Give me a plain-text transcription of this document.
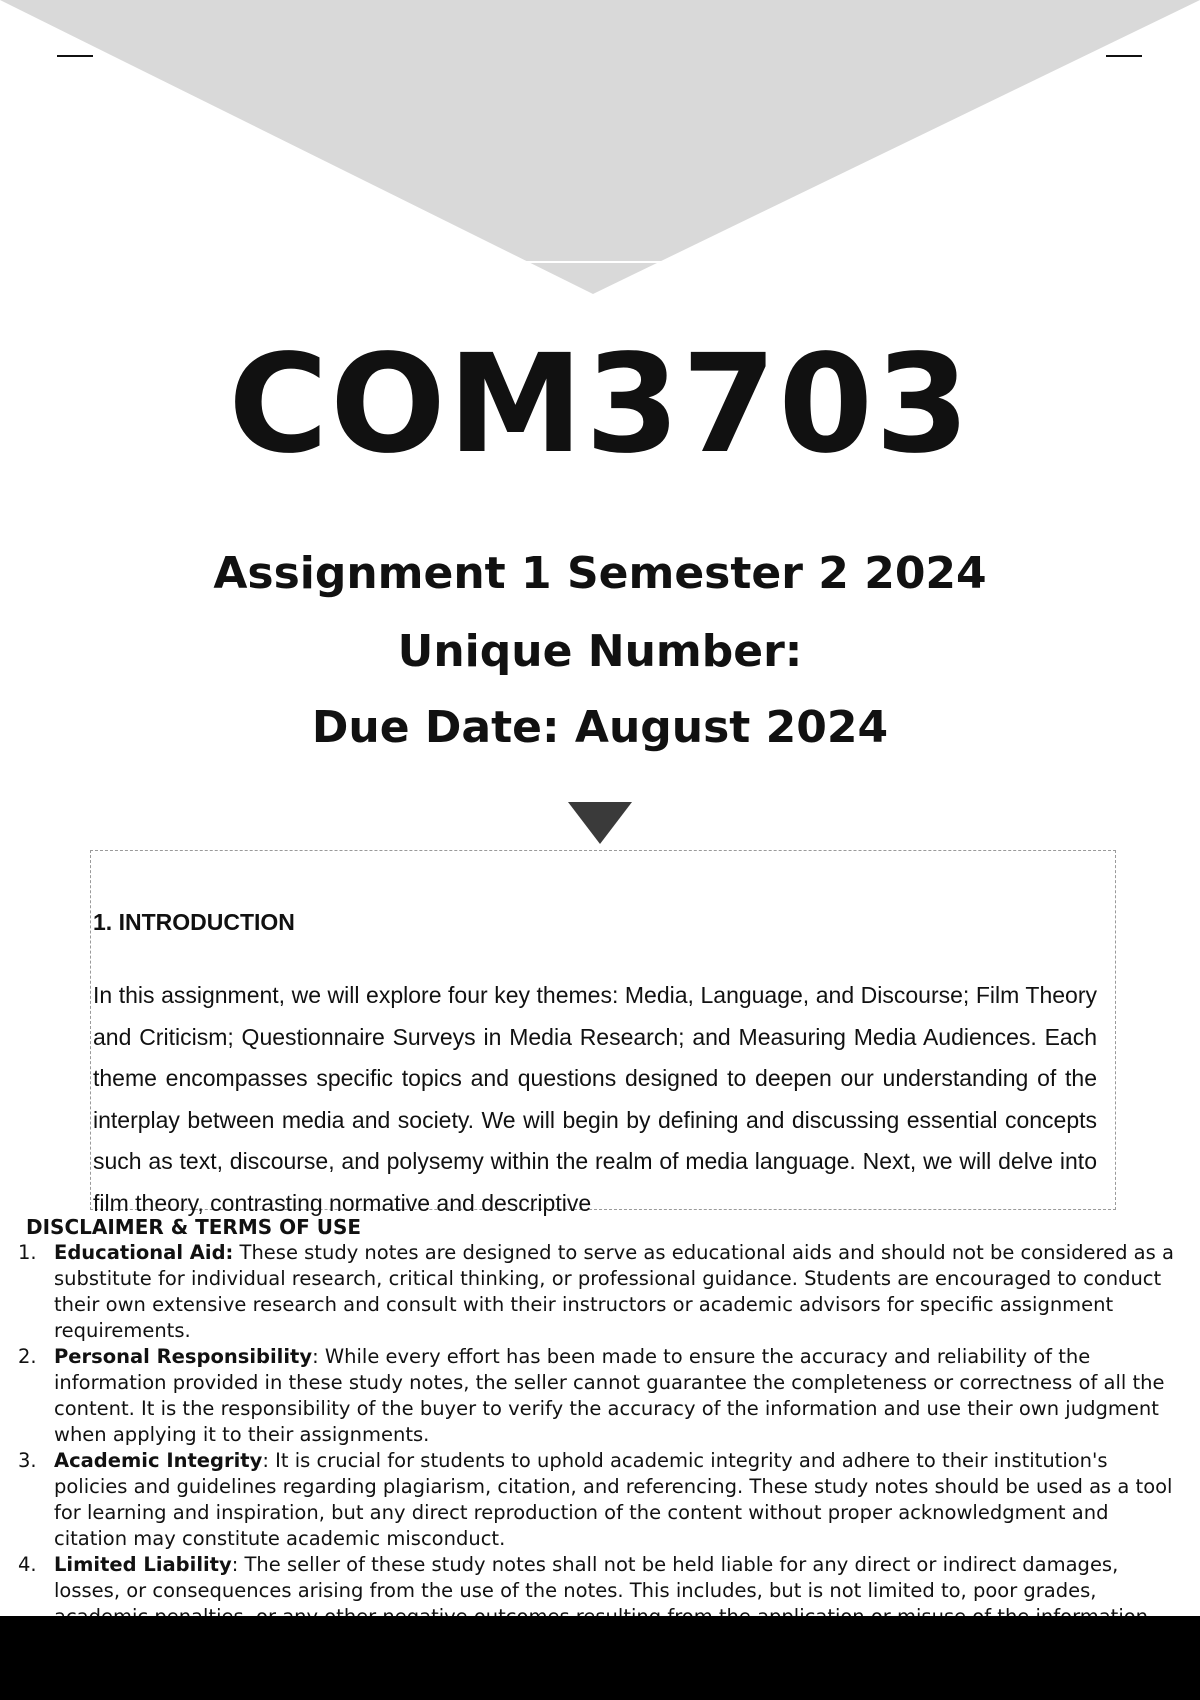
COM3703
Assignment 1 Semester 2 2024
Unique Number:
Due Date: August 2024
1. INTRODUCTION

In this assignment, we will explore four key themes: Media, Language, and Discourse; Film Theory and Criticism; Questionnaire Surveys in Media Research; and Measuring Media Audiences. Each theme encompasses specific topics and questions designed to deepen our understanding of the interplay between media and society. We will begin by defining and discussing essential concepts such as text, discourse, and polysemy within the realm of media language. Next, we will delve into film theory, contrasting normative and descriptive

DISCLAIMER & TERMS OF USE
1. Educational Aid: These study notes are designed to serve as educational aids and should not be considered as a substitute for individual research, critical thinking, or professional guidance. Students are encouraged to conduct their own extensive research and consult with their instructors or academic advisors for specific assignment requirements.
2. Personal Responsibility: While every effort has been made to ensure the accuracy and reliability of the information provided in these study notes, the seller cannot guarantee the completeness or correctness of all the content. It is the responsibility of the buyer to verify the accuracy of the information and use their own judgment when applying it to their assignments.
3. Academic Integrity: It is crucial for students to uphold academic integrity and adhere to their institution's policies and guidelines regarding plagiarism, citation, and referencing. These study notes should be used as a tool for learning and inspiration, but any direct reproduction of the content without proper acknowledgment and citation may constitute academic misconduct.
4. Limited Liability: The seller of these study notes shall not be held liable for any direct or indirect damages, losses, or consequences arising from the use of the notes. This includes, but is not limited to, poor grades,
